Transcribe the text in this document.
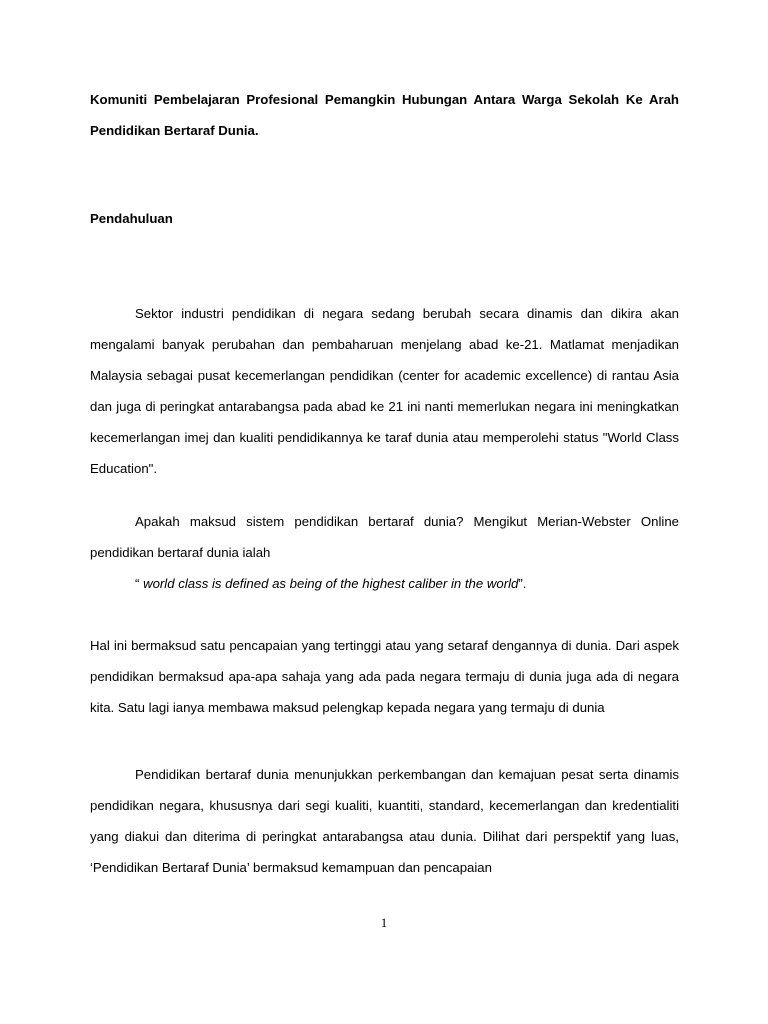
Komuniti Pembelajaran Profesional Pemangkin Hubungan Antara Warga Sekolah Ke Arah Pendidikan Bertaraf Dunia.

Pendahuluan

Sektor industri pendidikan di negara sedang berubah secara dinamis dan dikira akan mengalami banyak perubahan dan pembaharuan menjelang abad ke-21. Matlamat menjadikan Malaysia sebagai pusat kecemerlangan pendidikan (center for academic excellence) di rantau Asia dan juga di peringkat antarabangsa pada abad ke 21 ini nanti memerlukan negara ini meningkatkan kecemerlangan imej dan kualiti pendidikannya ke taraf dunia atau memperolehi status "World Class Education".

Apakah maksud sistem pendidikan bertaraf dunia? Mengikut Merian-Webster Online pendidikan bertaraf dunia ialah

“ world class is defined as being of the highest caliber in the world”.

Hal ini bermaksud satu pencapaian yang tertinggi atau yang setaraf dengannya di dunia. Dari aspek pendidikan bermaksud apa-apa sahaja yang ada pada negara termaju di dunia juga ada di negara kita. Satu lagi ianya membawa maksud pelengkap kepada negara yang termaju di dunia

Pendidikan bertaraf dunia menunjukkan perkembangan dan kemajuan pesat serta dinamis pendidikan negara, khususnya dari segi kualiti, kuantiti, standard, kecemerlangan dan kredentialiti yang diakui dan diterima di peringkat antarabangsa atau dunia. Dilihat dari perspektif yang luas, ‘Pendidikan Bertaraf Dunia’ bermaksud kemampuan dan pencapaian

1
